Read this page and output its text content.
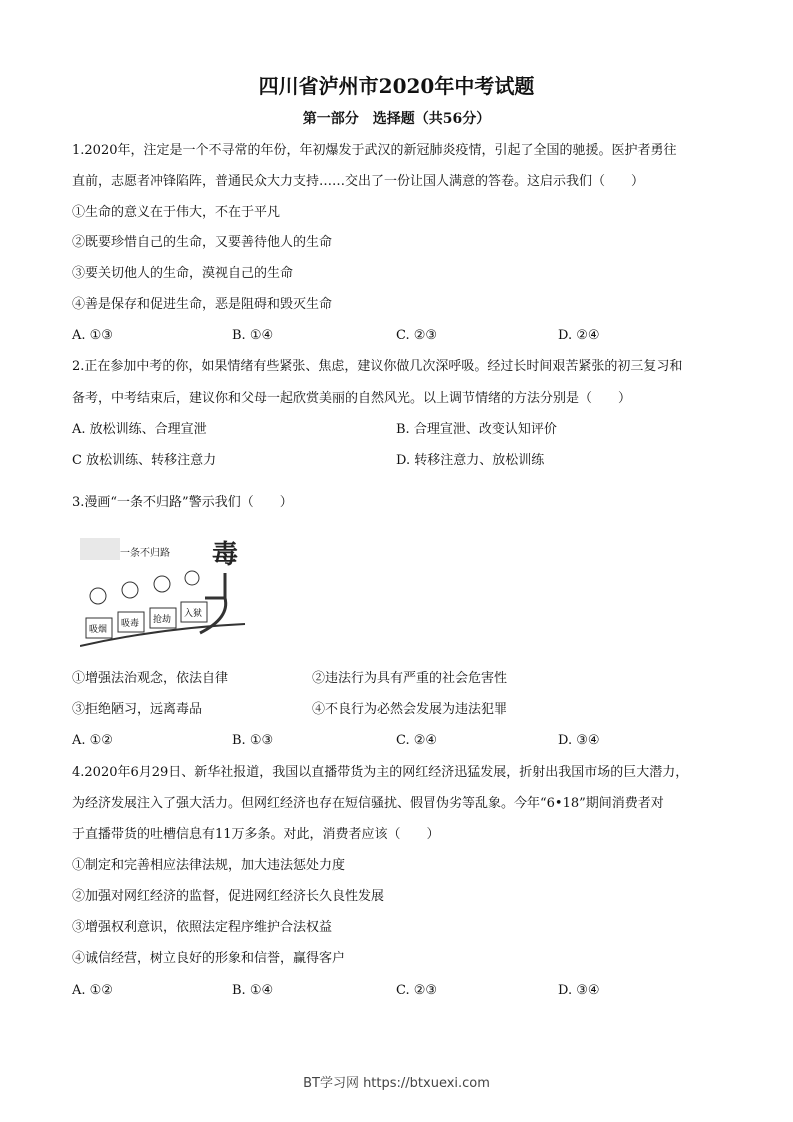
四川省泸州市2020年中考试题
第一部分　选择题（共56分）
1.2020年，注定是一个不寻常的年份，年初爆发于武汉的新冠肺炎疫情，引起了全国的驰援。医护者勇往
直前，志愿者冲锋陷阵，普通民众大力支持……交出了一份让国人满意的答卷。这启示我们（　　）
①生命的意义在于伟大，不在于平凡
②既要珍惜自己的生命，又要善待他人的生命
③要关切他人的生命，漠视自己的生命
④善是保存和促进生命，恶是阻碍和毁灭生命
A. ①③	B. ①④	C. ②③	D. ②④
2.正在参加中考的你，如果情绪有些紧张、焦虑，建议你做几次深呼吸。经过长时间艰苦紧张的初三复习和
备考，中考结束后，建议你和父母一起欣赏美丽的自然风光。以上调节情绪的方法分别是（　　）
A. 放松训练、合理宣泄	B. 合理宣泄、改变认知评价
C 放松训练、转移注意力	D. 转移注意力、放松训练
3.漫画“一条不归路”警示我们（　　）
一条不归路 毒
吸烟
吸毒 抢劫
入狱
①增强法治观念，依法自律	②违法行为具有严重的社会危害性
③拒绝陋习，远离毒品	④不良行为必然会发展为违法犯罪
A. ①②	B. ①③	C. ②④	D. ③④
4.2020年6月29日、新华社报道，我国以直播带货为主的网红经济迅猛发展，折射出我国市场的巨大潜力，
为经济发展注入了强大活力。但网红经济也存在短信骚扰、假冒伪劣等乱象。今年“6•18”期间消费者对
于直播带货的吐槽信息有11万多条。对此，消费者应该（　　）
①制定和完善相应法律法规，加大违法惩处力度
②加强对网红经济的监督，促进网红经济长久良性发展
③增强权利意识，依照法定程序维护合法权益
④诚信经营，树立良好的形象和信誉，赢得客户
A. ①②	B. ①④	C. ②③	D. ③④
BT学习网 https://btxuexi.com
